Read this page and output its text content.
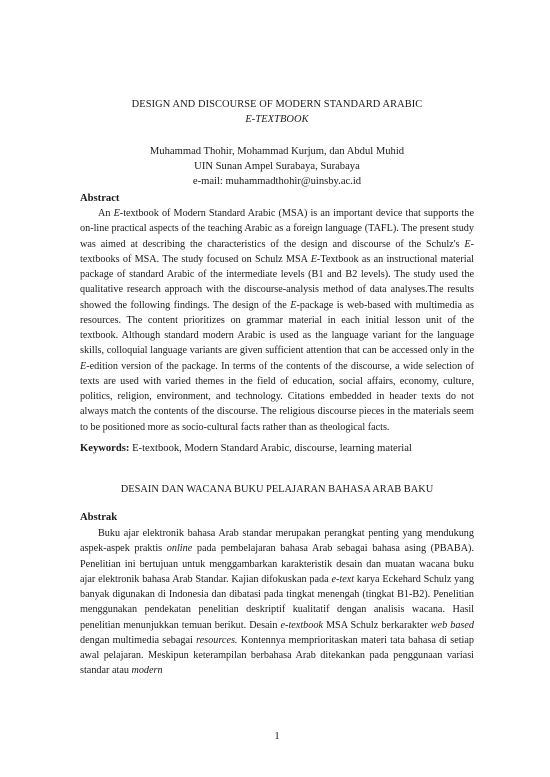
DESIGN AND DISCOURSE OF MODERN STANDARD ARABIC
E-TEXTBOOK
Muhammad Thohir, Mohammad Kurjum, dan Abdul Muhid
UIN Sunan Ampel Surabaya, Surabaya
e-mail: muhammadthohir@uinsby.ac.id
Abstract

An E-textbook of Modern Standard Arabic (MSA) is an important device that supports the on-line practical aspects of the teaching Arabic as a foreign language (TAFL). The present study was aimed at describing the characteristics of the design and discourse of the Schulz's E-textbooks of MSA. The study focused on Schulz MSA E-Textbook as an instructional material package of standard Arabic of the intermediate levels (B1 and B2 levels). The study used the qualitative research approach with the discourse-analysis method of data analyses.The results showed the following findings. The design of the E-package is web-based with multimedia as resources. The content prioritizes on grammar material in each initial lesson unit of the textbook. Although standard modern Arabic is used as the language variant for the language skills, colloquial language variants are given sufficient attention that can be accessed only in the E-edition version of the package. In terms of the contents of the discourse, a wide selection of texts are used with varied themes in the field of education, social affairs, economy, culture, politics, religion, environment, and technology. Citations embedded in header texts do not always match the contents of the discourse. The religious discourse pieces in the materials seem to be positioned more as socio-cultural facts rather than as theological facts.

Keywords: E-textbook, Modern Standard Arabic, discourse, learning material
DESAIN DAN WACANA BUKU PELAJARAN BAHASA ARAB BAKU
Abstrak

Buku ajar elektronik bahasa Arab standar merupakan perangkat penting yang mendukung aspek-aspek praktis online pada pembelajaran bahasa Arab sebagai bahasa asing (PBABA). Penelitian ini bertujuan untuk menggambarkan karakteristik desain dan muatan wacana buku ajar elektronik bahasa Arab Standar. Kajian difokuskan pada e-text karya Eckehard Schulz yang banyak digunakan di Indonesia dan dibatasi pada tingkat menengah (tingkat B1-B2). Penelitian menggunakan pendekatan penelitian deskriptif kualitatif dengan analisis wacana. Hasil penelitian menunjukkan temuan berikut. Desain e-textbook MSA Schulz berkarakter web based dengan multimedia sebagai resources. Kontennya memprioritaskan materi tata bahasa di setiap awal pelajaran. Meskipun keterampilan berbahasa Arab ditekankan pada penggunaan variasi standar atau modern

1
